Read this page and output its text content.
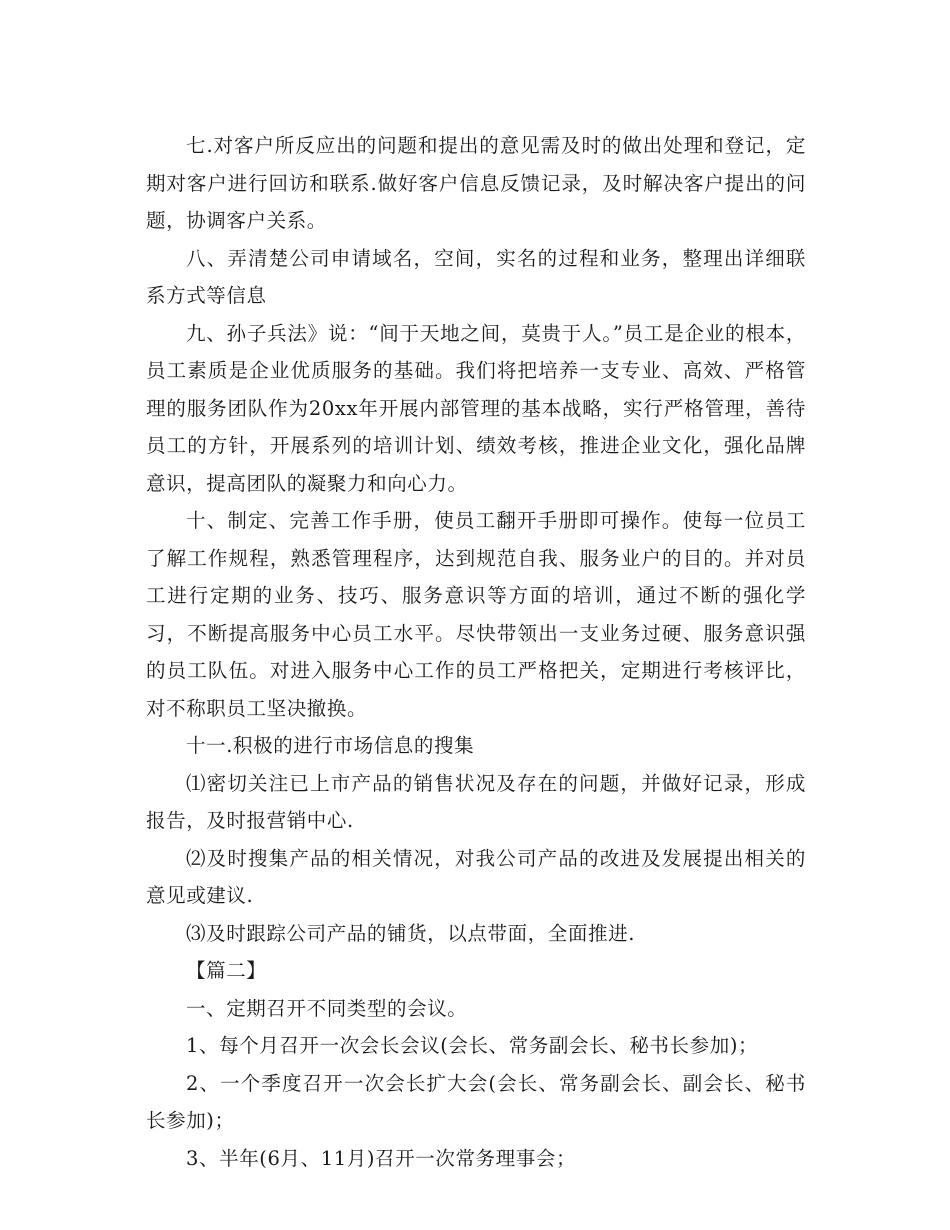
七.对客户所反应出的问题和提出的意见需及时的做出处理和登记，定期对客户进行回访和联系.做好客户信息反馈记录，及时解决客户提出的问题，协调客户关系。

八、弄清楚公司申请域名，空间，实名的过程和业务，整理出详细联系方式等信息

九、孙子兵法》说：“间于天地之间，莫贵于人。”员工是企业的根本，员工素质是企业优质服务的基础。我们将把培养一支专业、高效、严格管理的服务团队作为20xx年开展内部管理的基本战略，实行严格管理，善待员工的方针，开展系列的培训计划、绩效考核，推进企业文化，强化品牌意识，提高团队的凝聚力和向心力。

十、制定、完善工作手册，使员工翻开手册即可操作。使每一位员工了解工作规程，熟悉管理程序，达到规范自我、服务业户的目的。并对员工进行定期的业务、技巧、服务意识等方面的培训，通过不断的强化学习，不断提高服务中心员工水平。尽快带领出一支业务过硬、服务意识强的员工队伍。对进入服务中心工作的员工严格把关，定期进行考核评比，对不称职员工坚决撤换。

十一.积极的进行市场信息的搜集

⑴密切关注已上市产品的销售状况及存在的问题，并做好记录，形成报告，及时报营销中心.

⑵及时搜集产品的相关情况，对我公司产品的改进及发展提出相关的意见或建议.

⑶及时跟踪公司产品的铺货，以点带面，全面推进.

【篇二】

一、定期召开不同类型的会议。

1、每个月召开一次会长会议(会长、常务副会长、秘书长参加)；

2、一个季度召开一次会长扩大会(会长、常务副会长、副会长、秘书长参加)；

3、半年(6月、11月)召开一次常务理事会；
